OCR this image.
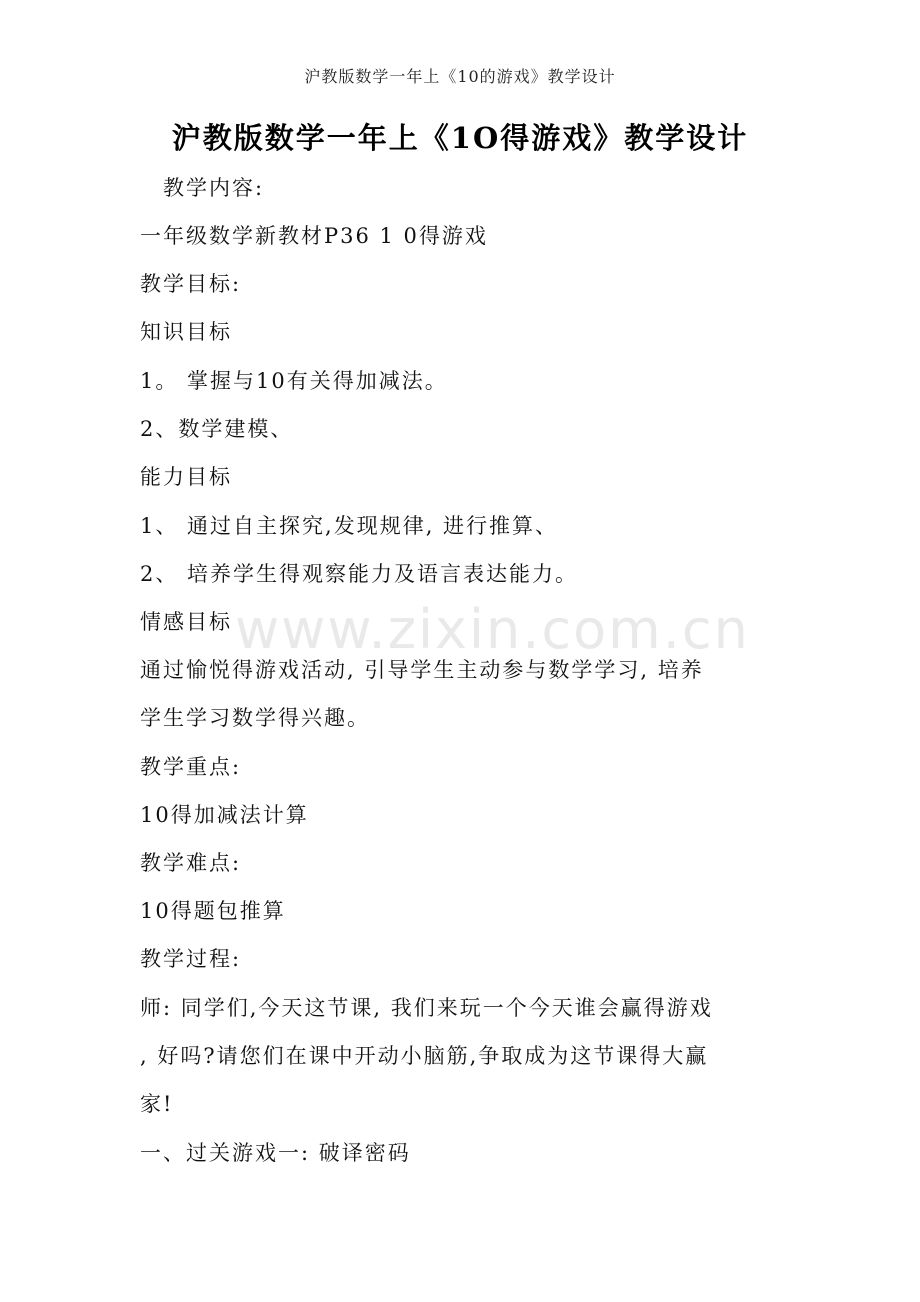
沪教版数学一年上《10的游戏》教学设计
沪教版数学一年上《1O得游戏》教学设计
www.zixin.com.cn
教学内容:
一年级数学新教材P36 1 0得游戏
教学目标:
知识目标
1。 掌握与10有关得加减法。
2、数学建模、
能力目标
1、 通过自主探究,发现规律, 进行推算、
2、 培养学生得观察能力及语言表达能力。
情感目标
通过愉悦得游戏活动, 引导学生主动参与数学学习, 培养
学生学习数学得兴趣。
教学重点:
10得加减法计算
教学难点:
10得题包推算
教学过程:
师: 同学们,今天这节课, 我们来玩一个今天谁会赢得游戏
, 好吗?请您们在课中开动小脑筋,争取成为这节课得大赢
家!
一、过关游戏一: 破译密码
